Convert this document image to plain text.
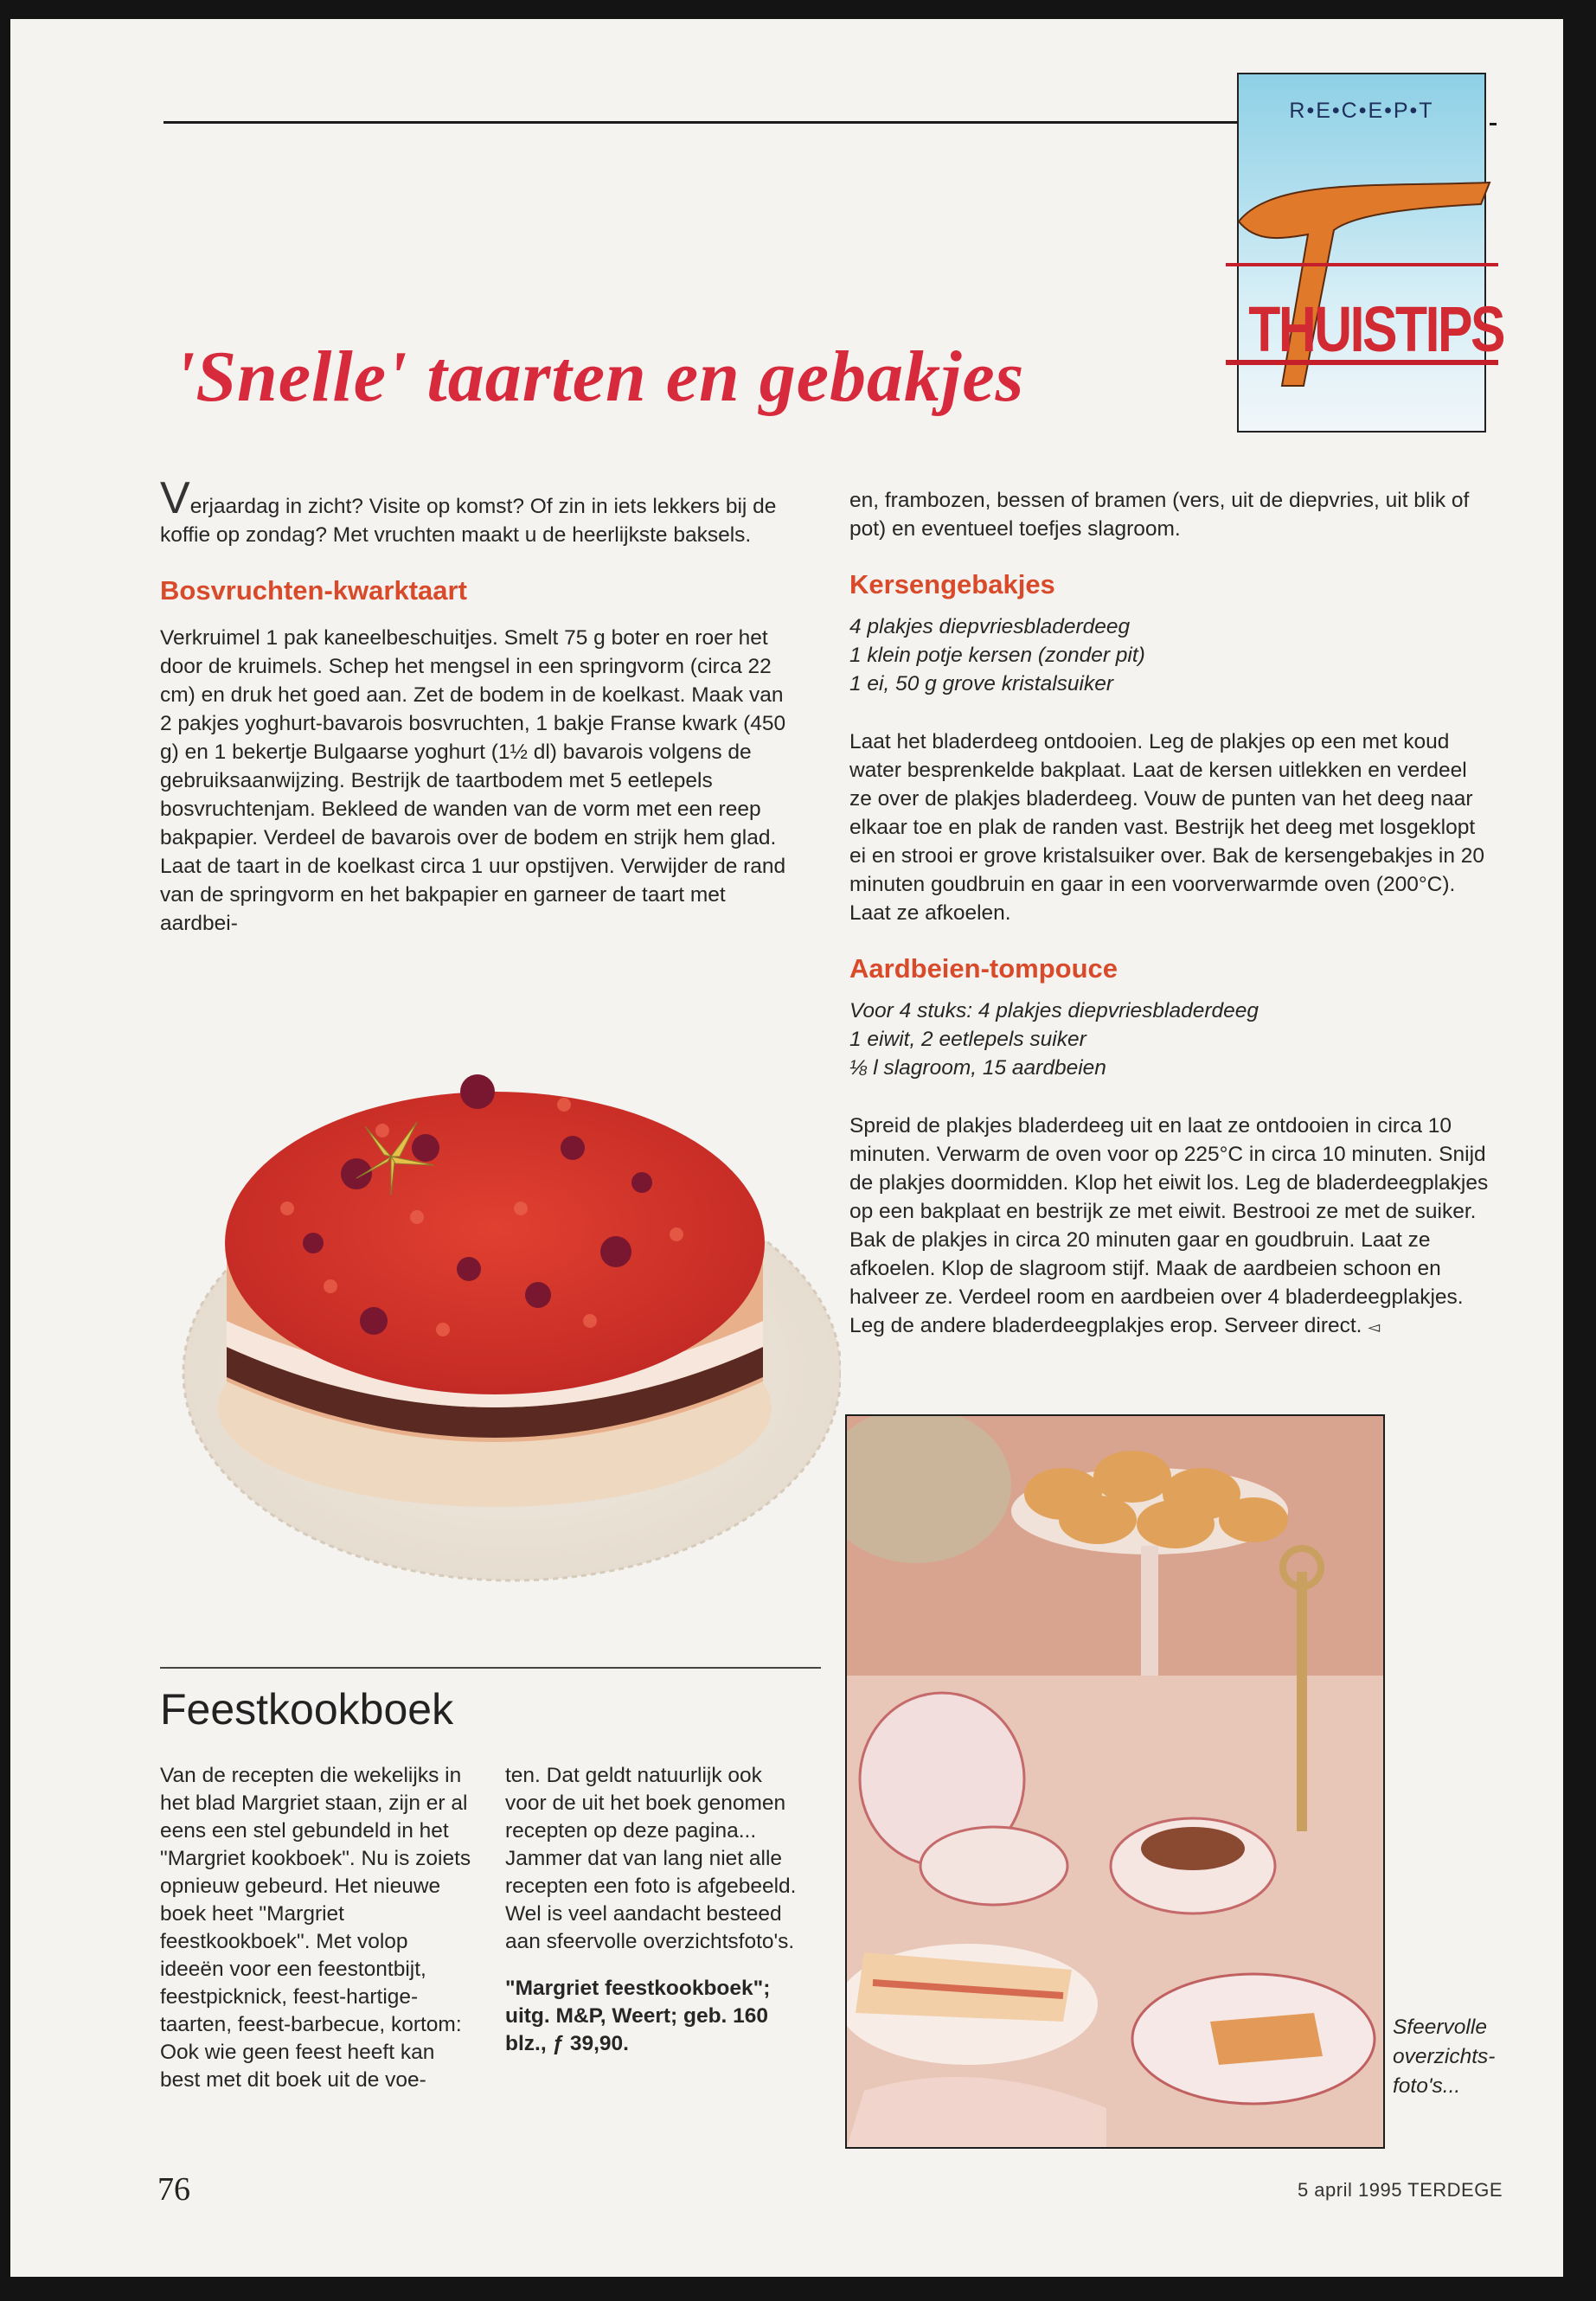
'Snelle' taarten en gebakjes
R•E•C•E•P•T
THUISTIPS

Verjaardag in zicht? Visite op komst? Of zin in iets lekkers bij de koffie op zondag? Met vruchten maakt u de heerlijkste baksels.

Bosvruchten-kwarktaart

Verkruimel 1 pak kaneelbeschuitjes. Smelt 75 g boter en roer het door de kruimels. Schep het mengsel in een springvorm (circa 22 cm) en druk het goed aan. Zet de bodem in de koelkast. Maak van 2 pakjes yoghurt-bavarois bosvruchten, 1 bakje Franse kwark (450 g) en 1 bekertje Bulgaarse yoghurt (1½ dl) bavarois volgens de gebruiksaanwijzing. Bestrijk de taartbodem met 5 eetlepels bosvruchtenjam. Bekleed de wanden van de vorm met een reep bakpapier. Verdeel de bavarois over de bodem en strijk hem glad. Laat de taart in de koelkast circa 1 uur opstijven. Verwijder de rand van de springvorm en het bakpapier en garneer de taart met aardbei-

en, frambozen, bessen of bramen (vers, uit de diepvries, uit blik of pot) en eventueel toefjes slagroom.

Kersengebakjes

4 plakjes diepvriesbladerdeeg

1 klein potje kersen (zonder pit)

1 ei, 50 g grove kristalsuiker

Laat het bladerdeeg ontdooien. Leg de plakjes op een met koud water besprenkelde bakplaat. Laat de kersen uitlekken en verdeel ze over de plakjes bladerdeeg. Vouw de punten van het deeg naar elkaar toe en plak de randen vast. Bestrijk het deeg met losgeklopt ei en strooi er grove kristalsuiker over. Bak de kersengebakjes in 20 minuten goudbruin en gaar in een voorverwarmde oven (200°C). Laat ze afkoelen.

Aardbeien-tompouce

Voor 4 stuks: 4 plakjes diepvriesbladerdeeg

1 eiwit, 2 eetlepels suiker

⅛ l slagroom, 15 aardbeien

Spreid de plakjes bladerdeeg uit en laat ze ontdooien in circa 10 minuten. Verwarm de oven voor op 225°C in circa 10 minuten. Snijd de plakjes doormidden. Klop het eiwit los. Leg de bladerdeegplakjes op een bakplaat en bestrijk ze met eiwit. Bestrooi ze met de suiker. Bak de plakjes in circa 20 minuten gaar en goudbruin. Laat ze afkoelen. Klop de slagroom stijf. Maak de aardbeien schoon en halveer ze. Verdeel room en aardbeien over 4 bladerdeegplakjes. Leg de andere bladerdeegplakjes erop. Serveer direct. ◅

Sfeervolle overzichts-foto's...

Feestkookboek

Van de recepten die wekelijks in het blad Margriet staan, zijn er al eens een stel gebundeld in het "Margriet kookboek". Nu is zoiets opnieuw gebeurd. Het nieuwe boek heet "Margriet feestkookboek". Met volop ideeën voor een feestontbijt, feestpicknick, feest-hartige-taarten, feest-barbecue, kortom: Ook wie geen feest heeft kan best met dit boek uit de voe-

ten. Dat geldt natuurlijk ook voor de uit het boek genomen recepten op deze pagina... Jammer dat van lang niet alle recepten een foto is afgebeeld. Wel is veel aandacht besteed aan sfeervolle overzichtsfoto's.

"Margriet feestkookboek"; uitg. M&P, Weert; geb. 160 blz., ƒ 39,90.

76	5 april 1995 TERDEGE
